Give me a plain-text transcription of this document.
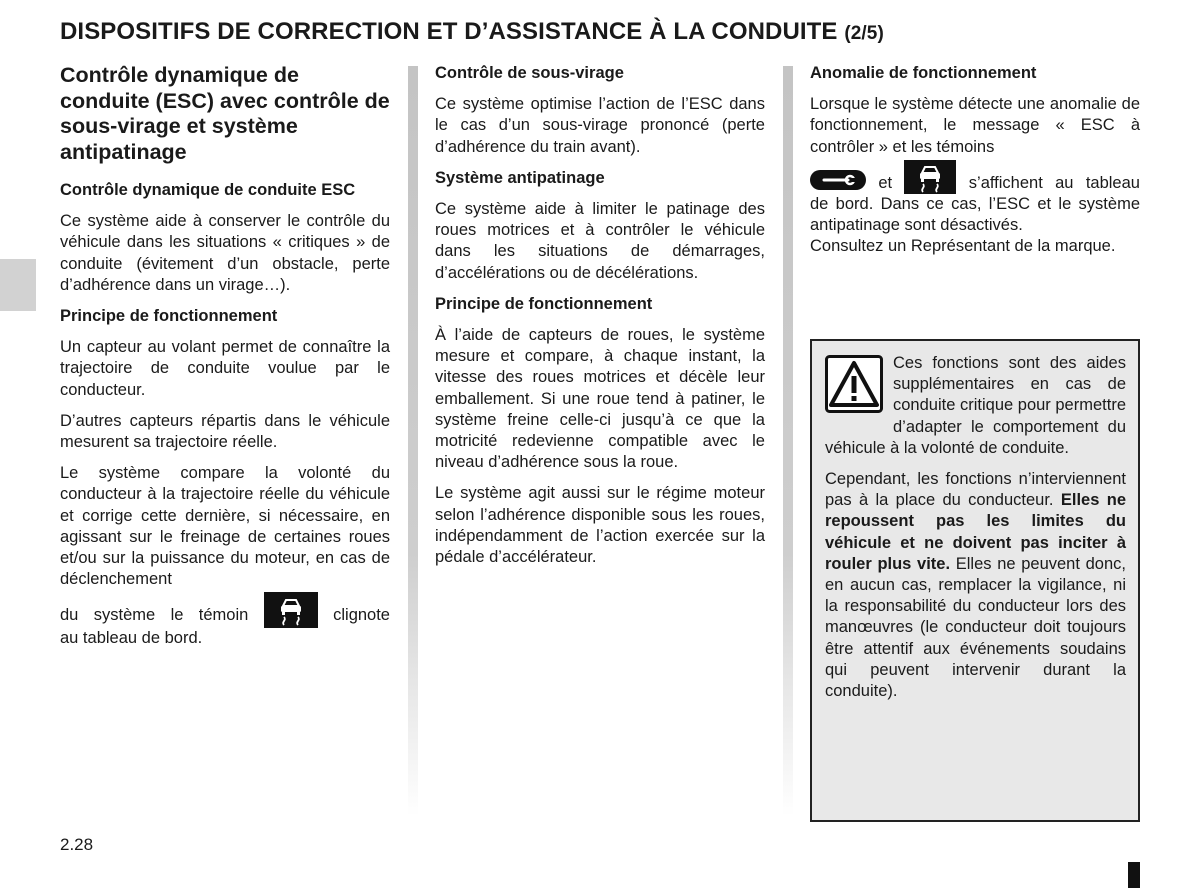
DISPOSITIFS DE CORRECTION ET D’ASSISTANCE À LA CONDUITE (2/5)
Contrôle dynamique de conduite (ESC) avec contrôle de sous-virage et système antipatinage
Contrôle dynamique de conduite ESC
Ce système aide à conserver le contrôle du véhicule dans les situations « critiques » de conduite (évitement d’un obstacle, perte d’adhérence dans un virage…).
Principe de fonctionnement
Un capteur au volant permet de connaître la trajectoire de conduite voulue par le conducteur.
D’autres capteurs répartis dans le véhicule mesurent sa trajectoire réelle.
Le système compare la volonté du conducteur à la trajectoire réelle du véhicule et corrige cette dernière, si nécessaire, en agissant sur le freinage de certaines roues et/ou sur la puissance du moteur, en cas de déclenchement
du système le témoin	clignote
au tableau de bord.
Contrôle de sous-virage
Ce système optimise l’action de l’ESC dans le cas d’un sous-virage prononcé (perte d’adhérence du train avant).
Système antipatinage
Ce système aide à limiter le patinage des roues motrices et à contrôler le véhicule dans les situations de démarrages, d’accélérations ou de décélérations.
Principe de fonctionnement
À l’aide de capteurs de roues, le système mesure et compare, à chaque instant, la vitesse des roues motrices et décèle leur emballement. Si une roue tend à patiner, le système freine celle-ci jusqu’à ce que la motricité redevienne compatible avec le niveau d’adhérence sous la roue.
Le système agit aussi sur le régime moteur selon l’adhérence disponible sous les roues, indépendamment de l’action exercée sur la pédale d’accélérateur.
Anomalie de fonctionnement
Lorsque le système détecte une anomalie de fonctionnement, le message « ESC à contrôler » et les témoins
et	s’affichent au tableau
de bord. Dans ce cas, l’ESC et le système antipatinage sont désactivés.
Consultez un Représentant de la marque.
Ces fonctions sont des aides supplémentaires en cas de conduite critique pour permettre d’adapter le comportement du véhicule à la volonté de conduite.
Cependant, les fonctions n’interviennent pas à la place du conducteur. Elles ne repoussent pas les limites du véhicule et ne doivent pas inciter à rouler plus vite. Elles ne peuvent donc, en aucun cas, remplacer la vigilance, ni la responsabilité du conducteur lors des manœuvres (le conducteur doit toujours être attentif aux événements soudains qui peuvent intervenir durant la conduite).
2.28
